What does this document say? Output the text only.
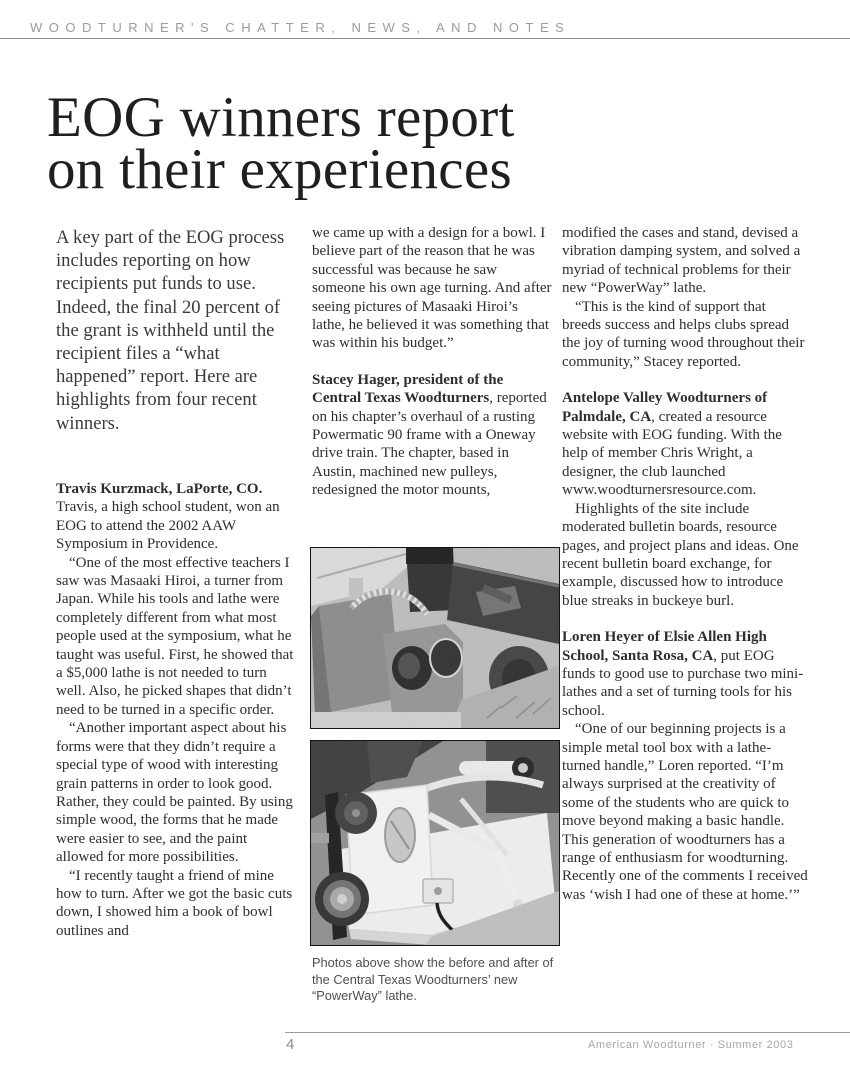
WOODTURNER'S CHATTER, NEWS, AND NOTES
EOG winners report
on their experiences
A key part of the EOG process includes reporting on how recipients put funds to use. Indeed, the final 20 percent of the grant is withheld until the recipient files a “what happened” report. Here are highlights from four recent winners.

Travis Kurzmack, LaPorte, CO. Travis, a high school student, won an EOG to attend the 2002 AAW Symposium in Providence.

“One of the most effective teachers I saw was Masaaki Hiroi, a turner from Japan. While his tools and lathe were completely different from what most people used at the symposium, what he taught was useful. First, he showed that a $5,000 lathe is not needed to turn well. Also, he picked shapes that didn’t need to be turned in a specific order.

“Another important aspect about his forms were that they didn’t require a special type of wood with interesting grain patterns in order to look good. Rather, they could be painted. By using simple wood, the forms that he made were easier to see, and the paint allowed for more possibilities.

“I recently taught a friend of mine how to turn. After we got the basic cuts down, I showed him a book of bowl outlines and

we came up with a design for a bowl. I believe part of the reason that he was successful was because he saw someone his own age turning. And after seeing pictures of Masaaki Hiroi’s lathe, he believed it was something that was within his budget.”

Stacey Hager, president of the Central Texas Woodturners, reported on his chapter’s overhaul of a rusting Powermatic 90 frame with a Oneway drive train. The chapter, based in Austin, machined new pulleys, redesigned the motor mounts,

Photos above show the before and after of the Central Texas Woodturners’ new “PowerWay” lathe.

modified the cases and stand, devised a vibration damping system, and solved a myriad of technical problems for their new “PowerWay” lathe.

“This is the kind of support that breeds success and helps clubs spread the joy of turning wood throughout their community,” Stacey reported.

Antelope Valley Woodturners of Palmdale, CA, created a resource website with EOG funding. With the help of member Chris Wright, a designer, the club launched www.woodturnersresource.com.

Highlights of the site include moderated bulletin boards, resource pages, and project plans and ideas. One recent bulletin board exchange, for example, discussed how to introduce blue streaks in buckeye burl.

Loren Heyer of Elsie Allen High School, Santa Rosa, CA, put EOG funds to good use to purchase two mini-lathes and a set of turning tools for his school.

“One of our beginning projects is a simple metal tool box with a lathe-turned handle,” Loren reported. “I’m always surprised at the creativity of some of the students who are quick to move beyond making a basic handle. This generation of woodturners has a range of enthusiasm for woodturning. Recently one of the comments I received was ‘wish I had one of these at home.’”

4	American Woodturner · Summer 2003
